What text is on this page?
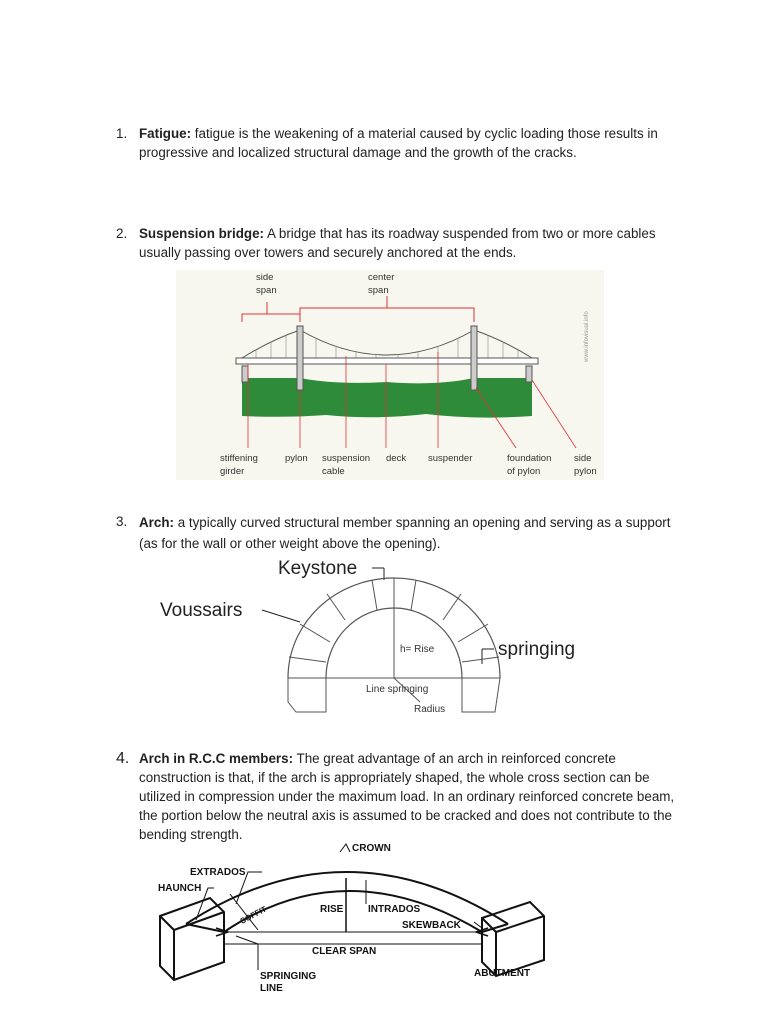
1. Fatigue: fatigue is the weakening of a material caused by cyclic loading those results in progressive and localized structural damage and the growth of the cracks.
2. Suspension bridge: A bridge that has its roadway suspended from two or more cables usually passing over towers and securely anchored at the ends.
side
span
center
span
www.infovisual.info
stiffening
girder
pylon suspension
cable
deck suspender	foundation
of pylon
side
pylon
3. Arch: a typically curved structural member spanning an opening and serving as a support (as for the wall or other weight above the opening).
Keystone
Voussairs
springing
h= Rise
Line springing
Radius
4. Arch in R.C.C members: The great advantage of an arch in reinforced concrete construction is that, if the arch is appropriately shaped, the whole cross section can be utilized in compression under the maximum load. In an ordinary reinforced concrete beam, the portion below the neutral axis is assumed to be cracked and does not contribute to the bending strength.
CROWN
EXTRADOS
HAUNCH
SOFFIT	RISE INTRADOS
SKEWBACK
CLEAR SPAN
ABUTMENT
SPRINGING
LINE
